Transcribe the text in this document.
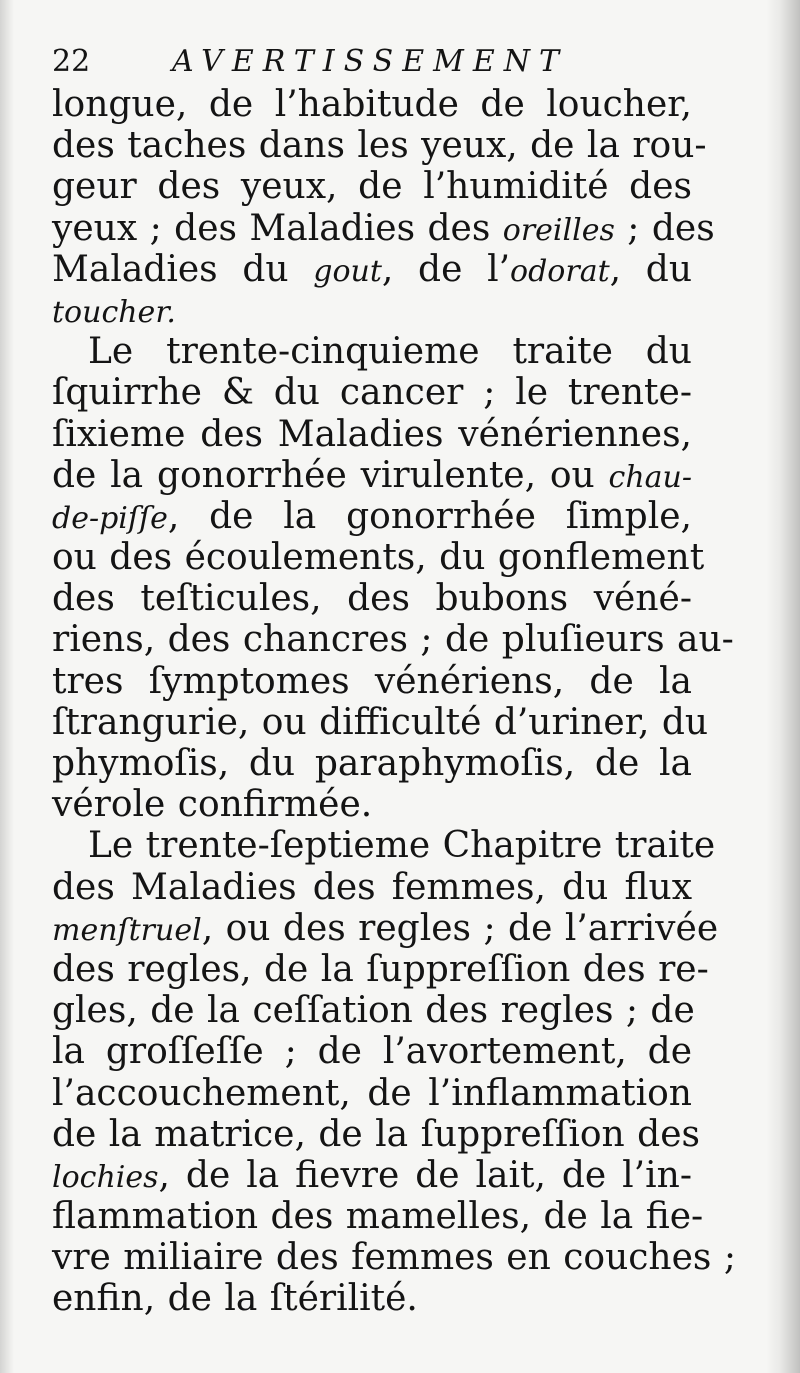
22	AVERTISSEMENT
longue, de l’habitude de loucher,
des taches dans les yeux, de la rou-
geur des yeux, de l’humidité des
yeux ; des Maladies des oreilles ; des
Maladies du gout, de l’odorat, du
toucher.
Le trente-cinquieme traite du
ſquirrhe & du cancer ; le trente-
ſixieme des Maladies vénériennes,
de la gonorrhée virulente, ou chau-
de-piſſe, de la gonorrhée ſimple,
ou des écoulements, du gonflement
des teſticules, des bubons véné-
riens, des chancres ; de pluſieurs au-
tres ſymptomes vénériens, de la
ſtrangurie, ou difficulté d’uriner, du
phymoſis, du paraphymoſis, de la
vérole confirmée.
Le trente-ſeptieme Chapitre traite
des Maladies des femmes, du flux
menſtruel, ou des regles ; de l’arrivée
des regles, de la ſuppreſſion des re-
gles, de la ceſſation des regles ; de
la groſſeſſe ; de l’avortement, de
l’accouchement, de l’inflammation
de la matrice, de la ſuppreſſion des
lochies, de la fievre de lait, de l’in-
flammation des mamelles, de la fie-
vre miliaire des femmes en couches ;
enfin, de la ſtérilité.
